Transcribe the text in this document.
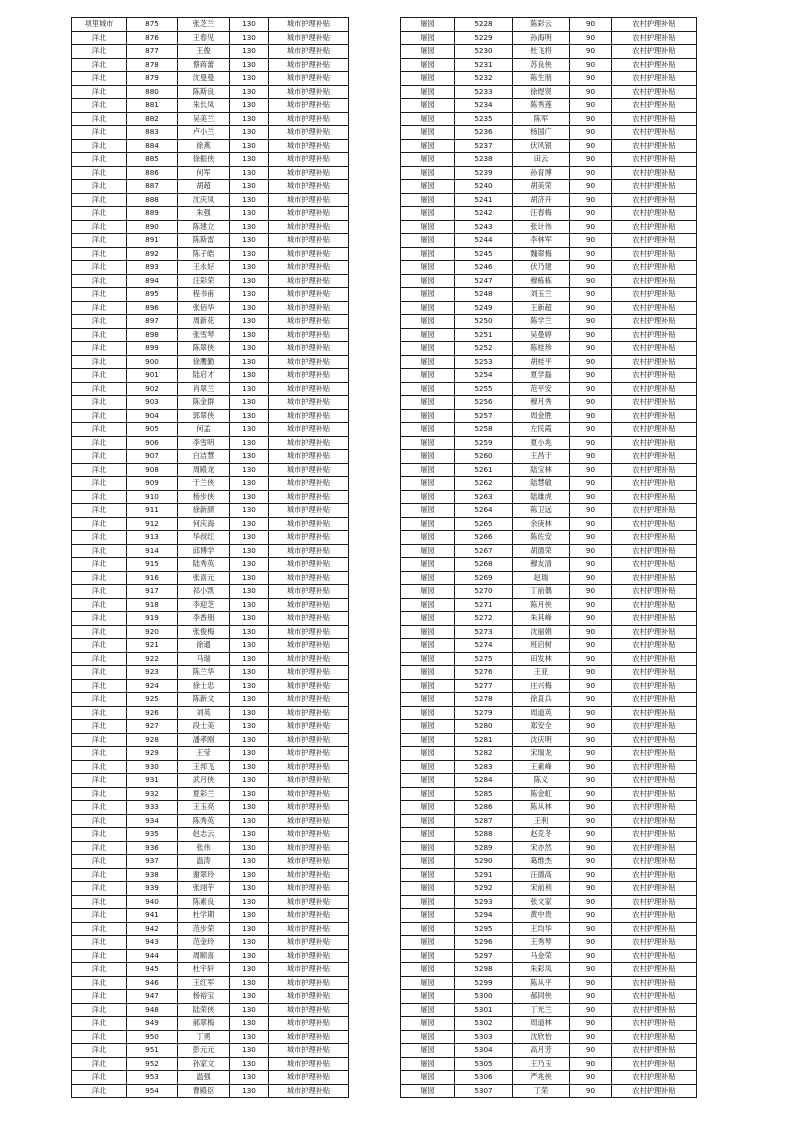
项里城市	875	张芝兰	130	城市护理补贴
洋北	876	王春见	130	城市护理补贴
洋北	877	王俊	130	城市护理补贴
洋北	878	蔡蒋蕾	130	城市护理补贴
洋北	879	沈曼曼	130	城市护理补贴
洋北	880	陈斯良	130	城市护理补贴
洋北	881	朱长凤	130	城市护理补贴
洋北	882	吴美兰	130	城市护理补贴
洋北	883	卢小兰	130	城市护理补贴
洋北	884	徐燕	130	城市护理补贴
洋北	885	徐振侠	130	城市护理补贴
洋北	886	何军	130	城市护理补贴
洋北	887	胡超	130	城市护理补贴
洋北	888	沈庆凤	130	城市护理补贴
洋北	889	朱强	130	城市护理补贴
洋北	890	陈建立	130	城市护理补贴
洋北	891	陈斯雷	130	城市护理补贴
洋北	892	陈子皓	130	城市护理补贴
洋北	893	王永好	130	城市护理补贴
洋北	894	汪彩荣	130	城市护理补贴
洋北	895	程书甫	130	城市护理补贴
洋北	896	张佰华	130	城市护理补贴
洋北	897	周新花	130	城市护理补贴
洋北	898	张雪琴	130	城市护理补贴
洋北	899	陈翠侠	130	城市护理补贴
洋北	900	徐鹰勤	130	城市护理补贴
洋北	901	陆启才	130	城市护理补贴
洋北	902	肖翠兰	130	城市护理补贴
洋北	903	陈金群	130	城市护理补贴
洋北	904	郭翠侠	130	城市护理补贴
洋北	905	何孟	130	城市护理补贴
洋北	906	李雪明	130	城市护理补贴
洋北	907	白洁慧	130	城市护理补贴
洋北	908	周殿龙	130	城市护理补贴
洋北	909	于兰侠	130	城市护理补贴
洋北	910	杨步侠	130	城市护理补贴
洋北	911	徐新颜	130	城市护理补贴
洋北	912	何庆海	130	城市护理补贴
洋北	913	华叔红	130	城市护理补贴
洋北	914	邱博学	130	城市护理补贴
洋北	915	陆秀英	130	城市护理补贴
洋北	916	张喜元	130	城市护理补贴
洋北	917	祁小凯	130	城市护理补贴
洋北	918	李迎芝	130	城市护理补贴
洋北	919	李香朋	130	城市护理补贴
洋北	920	张俊梅	130	城市护理补贴
洋北	921	徐通	130	城市护理补贴
洋北	922	马瑞	130	城市护理补贴
洋北	923	陈兰华	130	城市护理补贴
洋北	924	徐士忠	130	城市护理补贴
洋北	925	陈新文	130	城市护理补贴
洋北	926	刘英	130	城市护理补贴
洋北	927	段士美	130	城市护理补贴
洋北	928	潘孝刚	130	城市护理补贴
洋北	929	王莹	130	城市护理补贴
洋北	930	王邦飞	130	城市护理补贴
洋北	931	武月侠	130	城市护理补贴
洋北	932	夏彩兰	130	城市护理补贴
洋北	933	王玉亮	130	城市护理补贴
洋北	934	陈秀英	130	城市护理补贴
洋北	935	赵志云	130	城市护理补贴
洋北	936	张伟	130	城市护理补贴
洋北	937	温涛	130	城市护理补贴
洋北	938	谢翠玲	130	城市护理补贴
洋北	939	张翊芋	130	城市护理补贴
洋北	940	陈素良	130	城市护理补贴
洋北	941	杜学期	130	城市护理补贴
洋北	942	范步荣	130	城市护理补贴
洋北	943	范金玲	130	城市护理补贴
洋北	944	周顺喜	130	城市护理补贴
洋北	945	杜宇轩	130	城市护理补贴
洋北	946	王红军	130	城市护理补贴
洋北	947	杨裕宝	130	城市护理补贴
洋北	948	陆荣侠	130	城市护理补贴
洋北	949	郝翠梅	130	城市护理补贴
洋北	950	丁勇	130	城市护理补贴
洋北	951	彭元元	130	城市护理补贴
洋北	952	孙家文	130	城市护理补贴
洋北	953	温强	130	城市护理补贴
洋北	954	曹殿臣	130	城市护理补贴
屠园	5228	陈彩云	90	农村护理补贴
屠园	5229	孙海明	90	农村护理补贴
屠园	5230	杜飞将	90	农村护理补贴
屠园	5231	苏良侠	90	农村护理补贴
屠园	5232	陈生朋	90	农村护理补贴
屠园	5233	徐煜贤	90	农村护理补贴
屠园	5234	陈秀莲	90	农村护理补贴
屠园	5235	陈军	90	农村护理补贴
屠园	5236	杨国广	90	农村护理补贴
屠园	5237	伏风银	90	农村护理补贴
屠园	5238	田云	90	农村护理补贴
屠园	5239	孙育博	90	农村护理补贴
屠园	5240	胡美荣	90	农村护理补贴
屠园	5241	胡济开	90	农村护理补贴
屠园	5242	汪春梅	90	农村护理补贴
屠园	5243	张计伟	90	农村护理补贴
屠园	5244	李林军	90	农村护理补贴
屠园	5245	魏翠梅	90	农村护理补贴
屠园	5246	伏乃建	90	农村护理补贴
屠园	5247	穆栋栋	90	农村护理补贴
屠园	5248	刘玉兰	90	农村护理补贴
屠园	5249	王新超	90	农村护理补贴
屠园	5250	陈学兰	90	农村护理补贴
屠园	5251	吴曼婷	90	农村护理补贴
屠园	5252	陈桂珍	90	农村护理补贴
屠园	5253	胡桂平	90	农村护理补贴
屠园	5254	夏学磊	90	农村护理补贴
屠园	5255	范平安	90	农村护理补贴
屠园	5256	穆月秀	90	农村护理补贴
屠园	5257	周金胜	90	农村护理补贴
屠园	5258	左民霞	90	农村护理补贴
屠园	5259	夏小兆	90	农村护理补贴
屠园	5260	王昌于	90	农村护理补贴
屠园	5261	陆宝林	90	农村护理补贴
屠园	5262	陆慧敏	90	农村护理补贴
屠园	5263	陆雄虎	90	农村护理补贴
屠园	5264	陈卫远	90	农村护理补贴
屠园	5265	余庚林	90	农村护理补贴
屠园	5266	陈佐安	90	农村护理补贴
屠园	5267	胡德荣	90	农村护理补贴
屠园	5268	穆友清	90	农村护理补贴
屠园	5269	赵瑞	90	农村护理补贴
屠园	5270	丁前偶	90	农村护理补贴
屠园	5271	陈月侠	90	农村护理补贴
屠园	5272	朱其峰	90	农村护理补贴
屠园	5273	沈丽娟	90	农村护理补贴
屠园	5274	班启树	90	农村护理补贴
屠园	5275	田发林	90	农村护理补贴
屠园	5276	王亚	90	农村护理补贴
屠园	5277	庄兴梅	90	农村护理补贴
屠园	5278	徐直兵	90	农村护理补贴
屠园	5279	周道英	90	农村护理补贴
屠园	5280	郑安全	90	农村护理补贴
屠园	5281	沈庆明	90	农村护理补贴
屠园	5282	宋瑞龙	90	农村护理补贴
屠园	5283	王素峰	90	农村护理补贴
屠园	5284	陈义	90	农村护理补贴
屠园	5285	陈金虹	90	农村护理补贴
屠园	5286	陈从林	90	农村护理补贴
屠园	5287	王利	90	农村护理补贴
屠园	5288	赵克冬	90	农村护理补贴
屠园	5289	宋亦然	90	农村护理补贴
屠园	5290	葛维杰	90	农村护理补贴
屠园	5291	汪德高	90	农村护理补贴
屠园	5292	宋前利	90	农村护理补贴
屠园	5293	张文家	90	农村护理补贴
屠园	5294	黄中贵	90	农村护理补贴
屠园	5295	王均华	90	农村护理补贴
屠园	5296	王秀琴	90	农村护理补贴
屠园	5297	马金荣	90	农村护理补贴
屠园	5298	朱彩凤	90	农村护理补贴
屠园	5299	陈从平	90	农村护理补贴
屠园	5300	郝同侠	90	农村护理补贴
屠园	5301	丁光兰	90	农村护理补贴
屠园	5302	周道林	90	农村护理补贴
屠园	5303	沈欣怡	90	农村护理补贴
屠园	5304	高月芳	90	农村护理补贴
屠园	5305	王乃玉	90	农村护理补贴
屠园	5306	严兆侠	90	农村护理补贴
屠园	5307	丁荣	90	农村护理补贴
